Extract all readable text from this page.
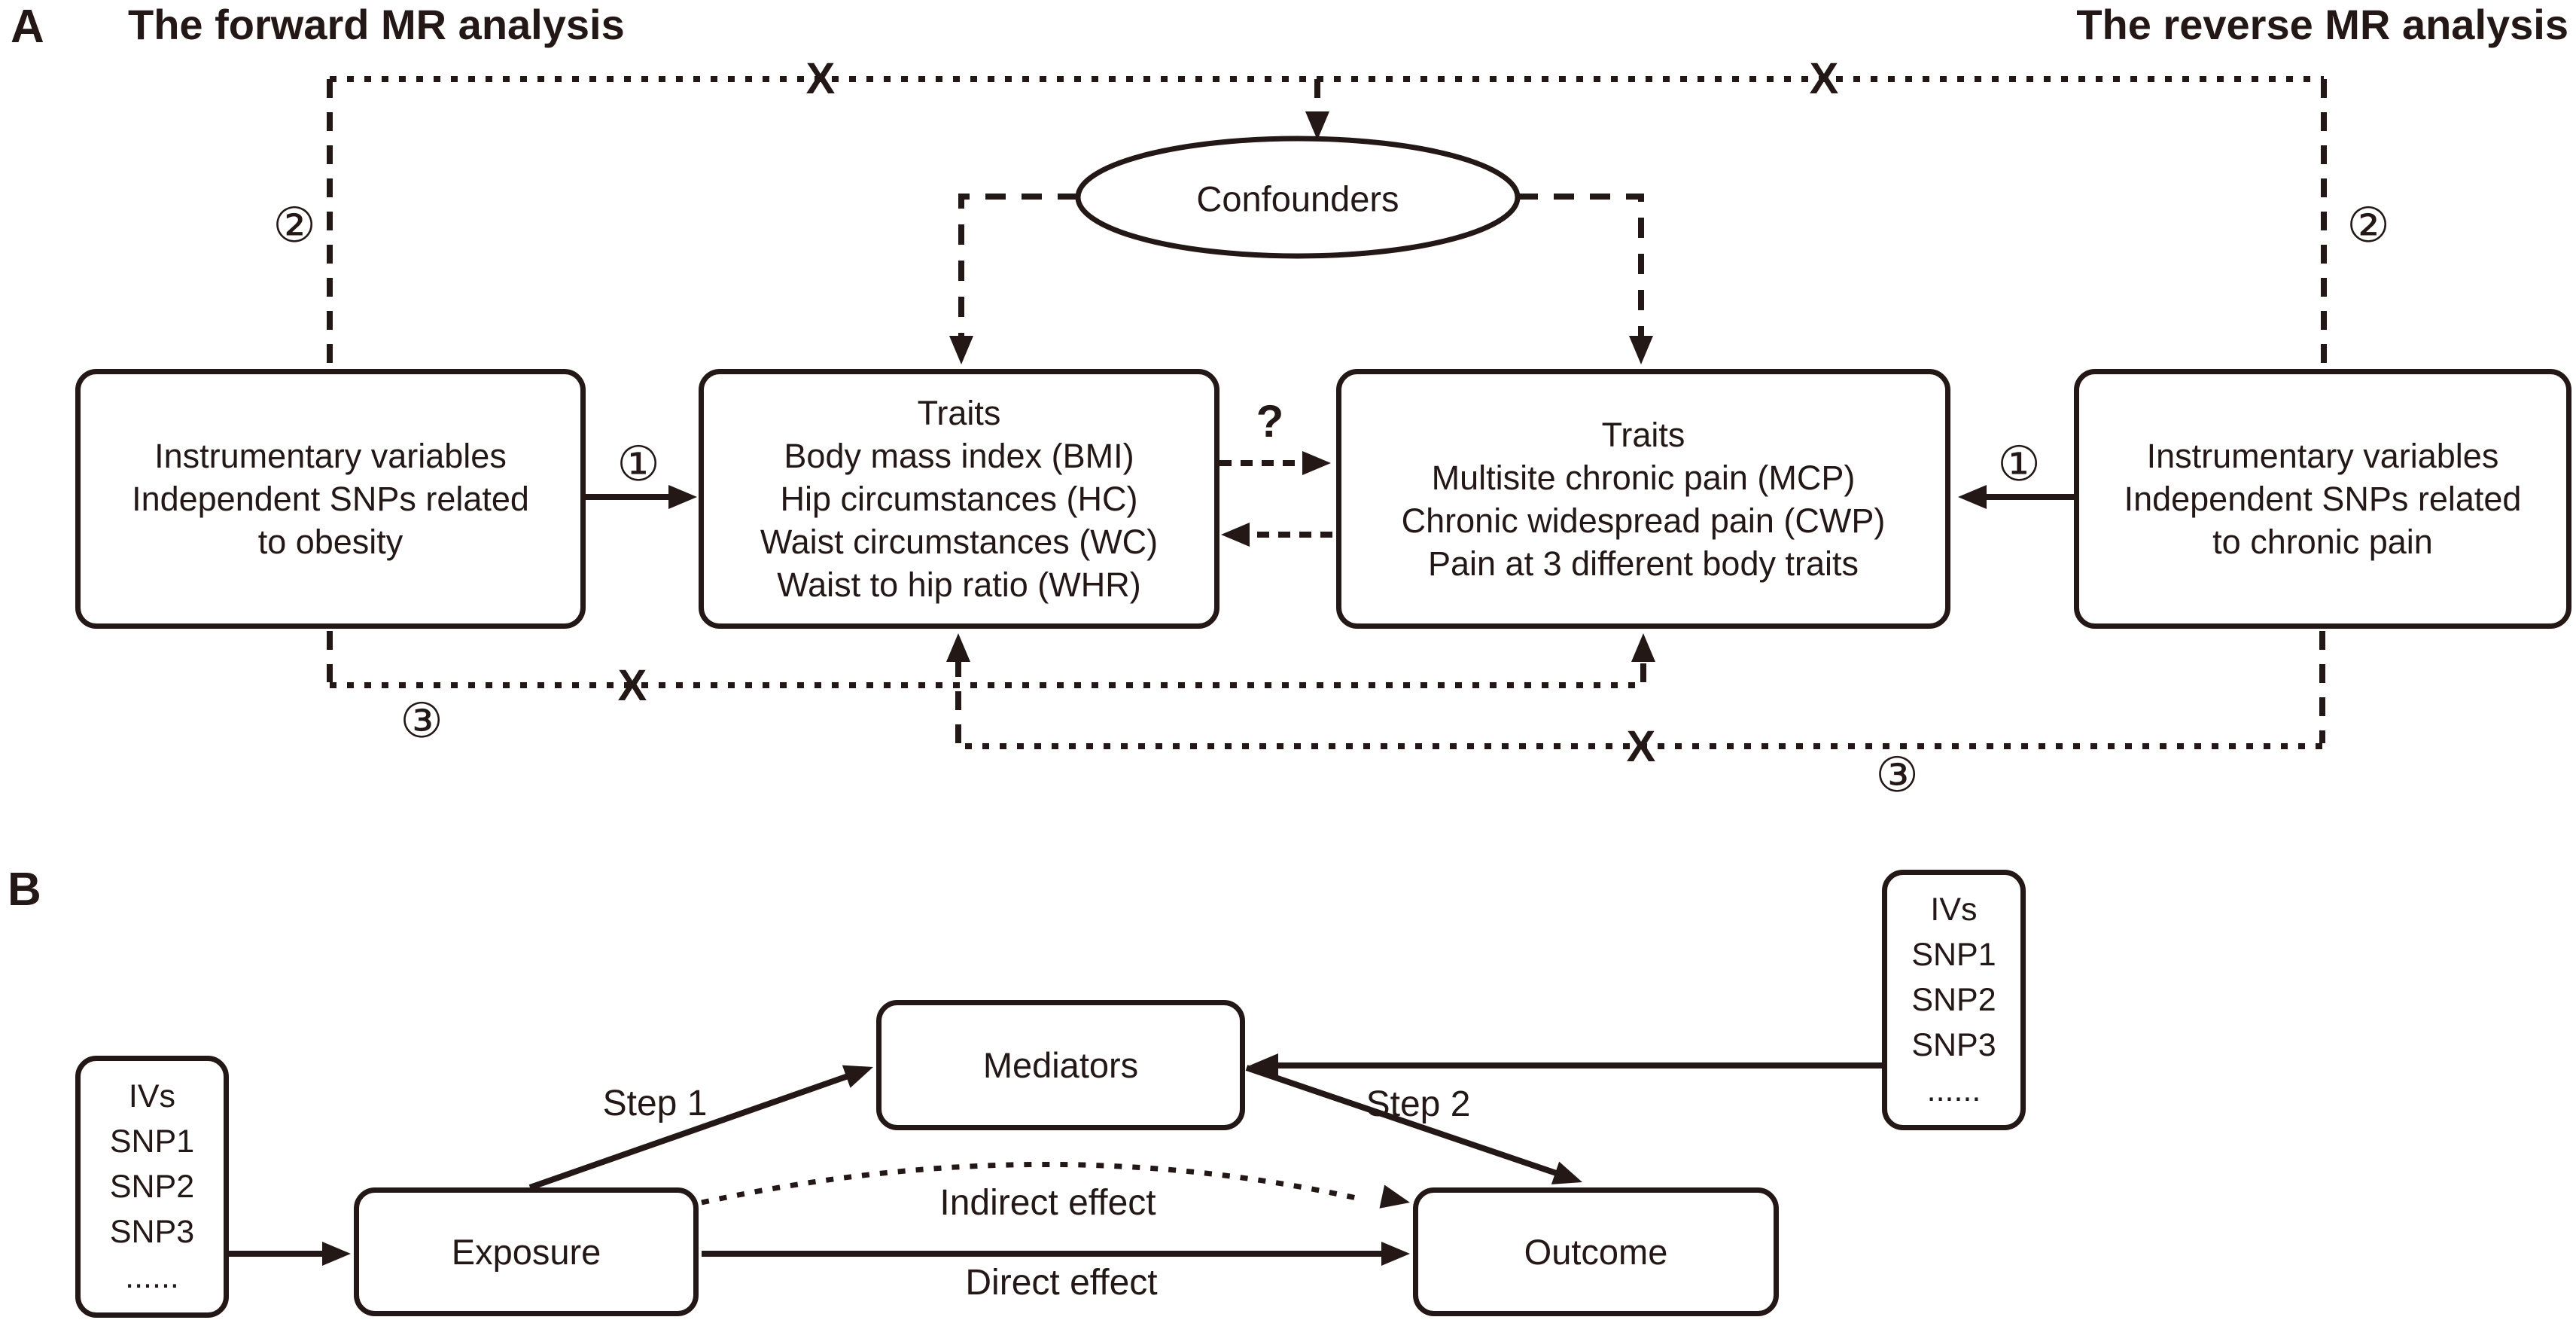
A The forward MR analysis	The reverse MR analysis
B
Confounders
Instrumentary variables
Independent SNPs related
to obesity
Traits
Body mass index (BMI)
Hip circumstances (HC)
Waist circumstances (WC)
Waist to hip ratio (WHR)
Traits
Multisite chronic pain (MCP)
Chronic widespread pain (CWP)
Pain at 3 different body traits
Instrumentary variables
Independent SNPs related
to chronic pain
①	①
②	②
③
③
X	X
X
X
?
IVs
SNP1
SNP2
SNP3
......
Exposure
Mediators
Outcome
IVs
SNP1
SNP2
SNP3
......
Step 1	Step 2
Indirect effect
Direct effect
